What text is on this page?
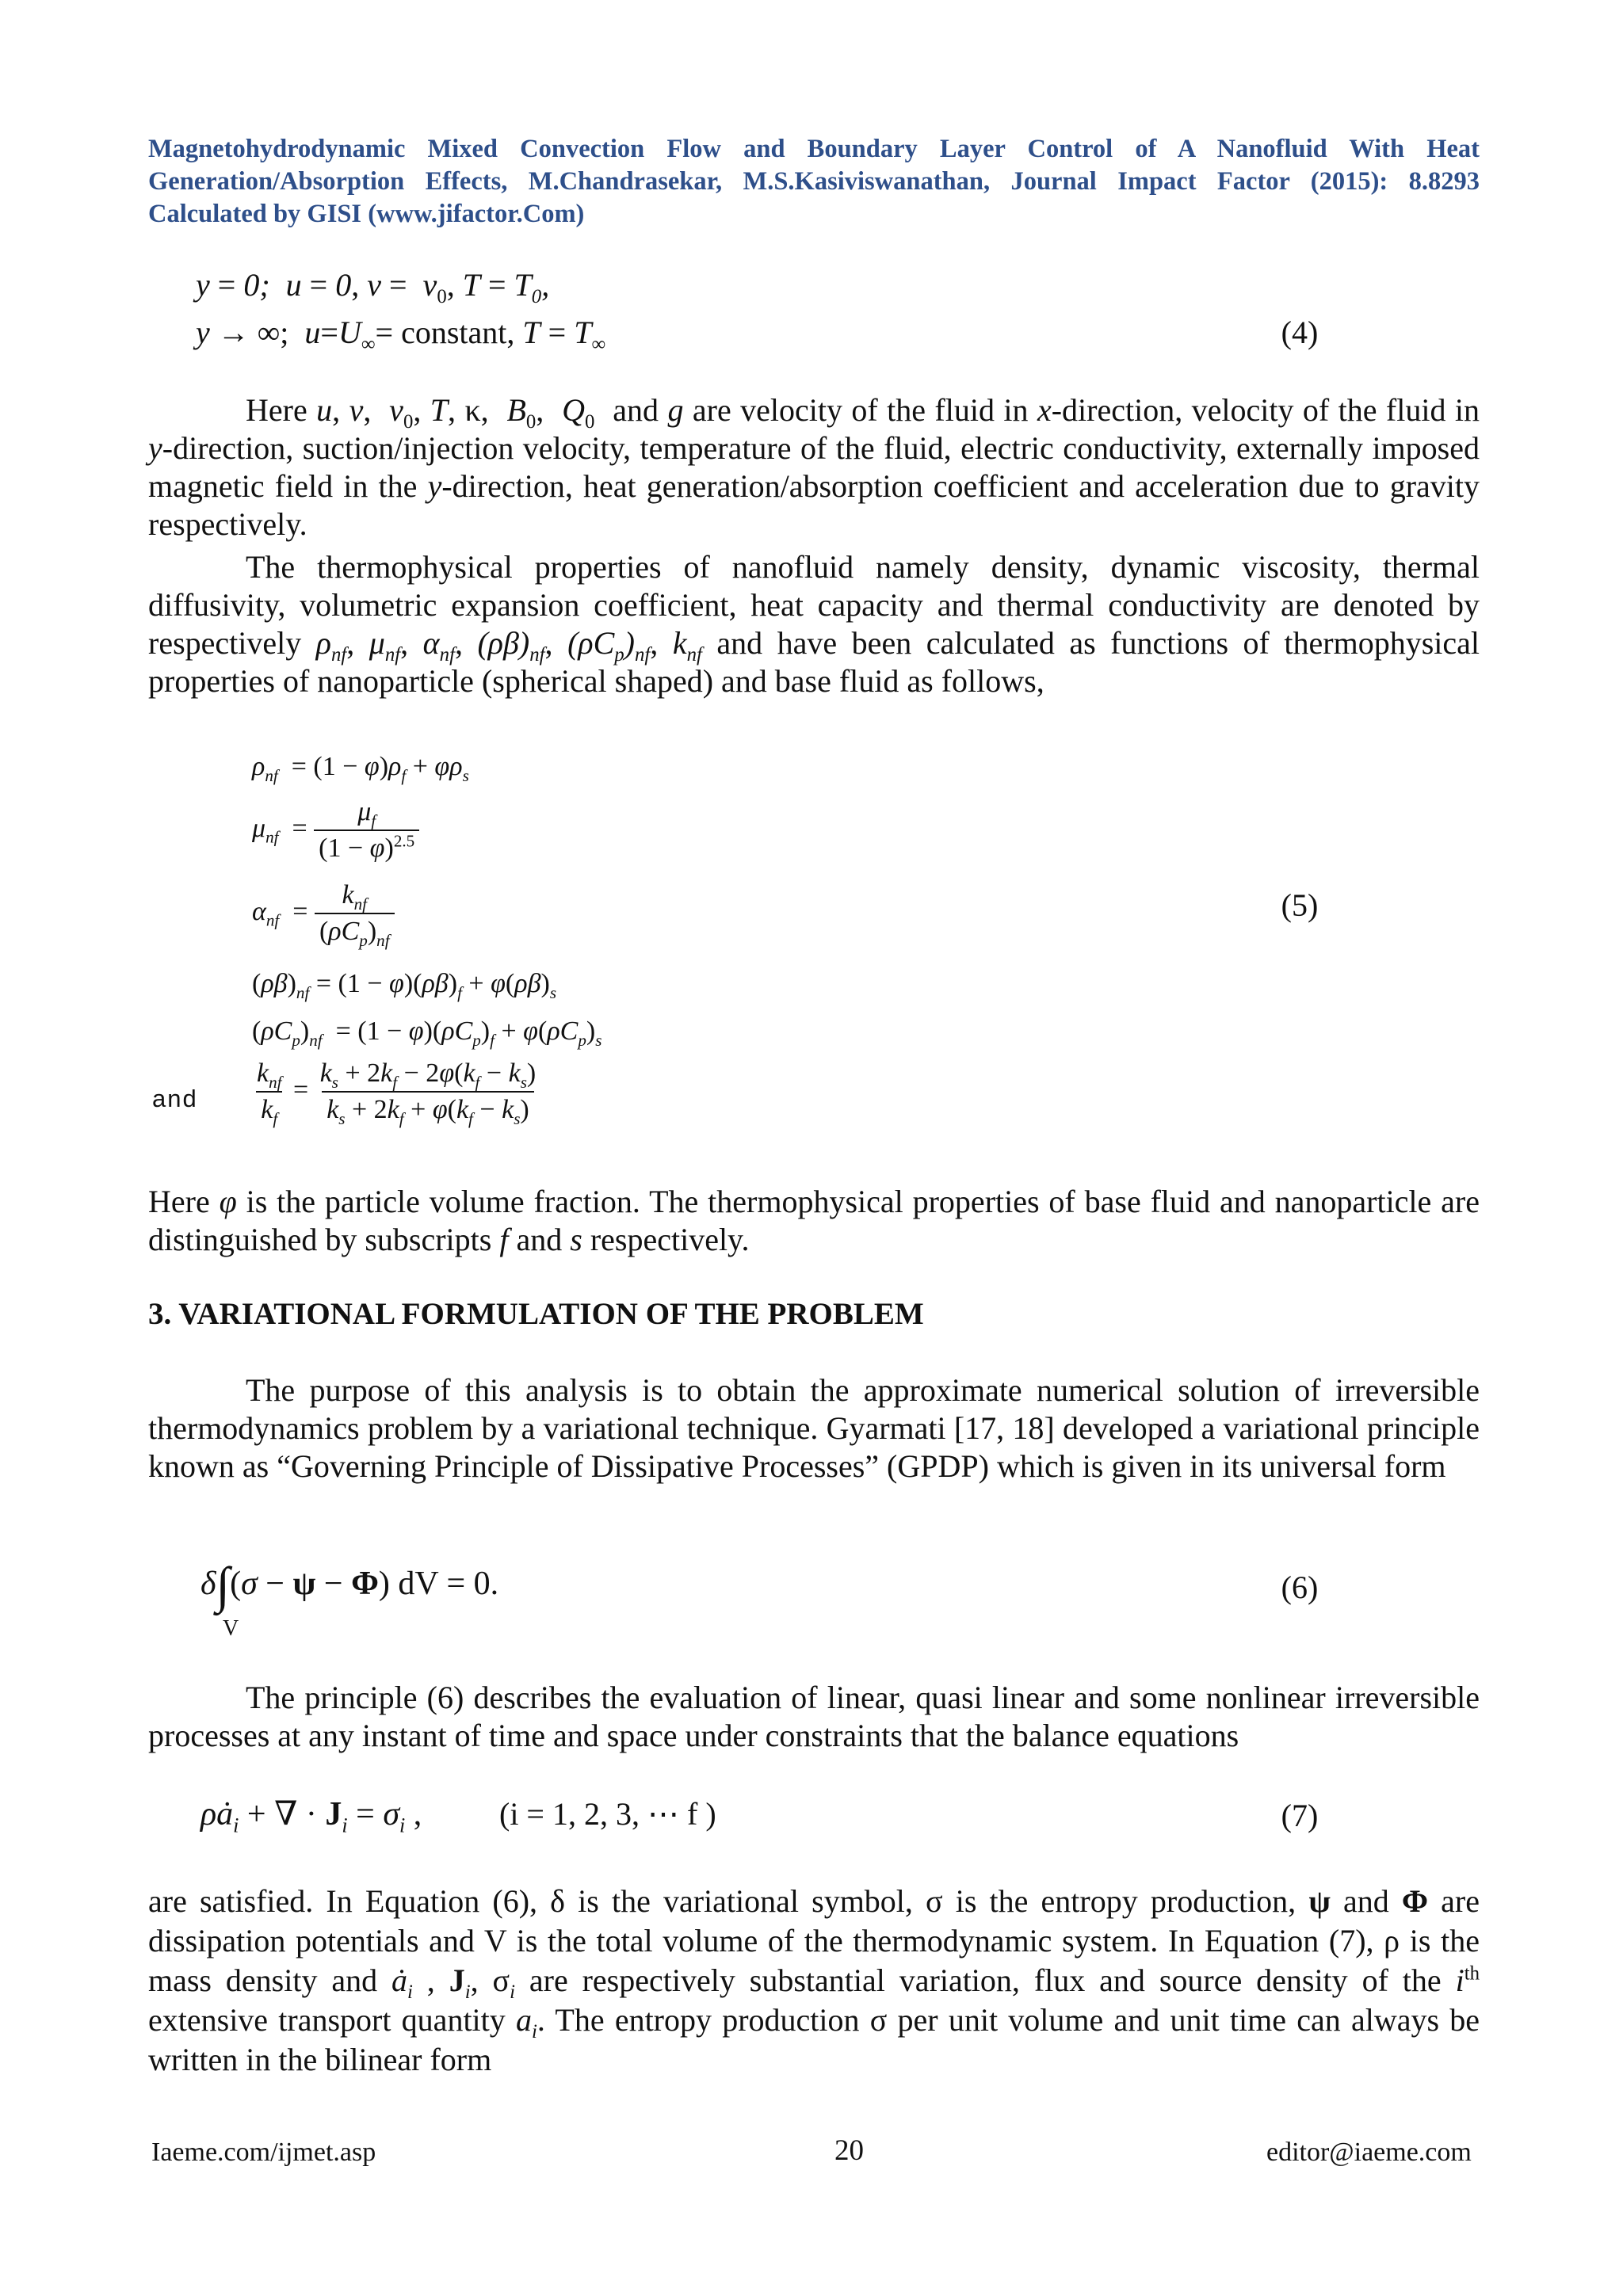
Magnetohydrodynamic Mixed Convection Flow and Boundary Layer Control of A Nanofluid With Heat Generation/Absorption Effects, M.Chandrasekar, M.S.Kasiviswanathan, Journal Impact Factor (2015): 8.8293 Calculated by GISI (www.jifactor.Com)
y = 0; u = 0, $v = v_0$, $T = T_0$,
y → ∞;  $u=U_\infty=$ constant, $T = T_\infty$	(4)
Here u, v,  $v_0$, T, κ,  $B_0$,  $Q_0$  and g are velocity of the fluid in x-direction, velocity of the fluid in y-direction, suction/injection velocity, temperature of the fluid, electric conductivity, externally imposed magnetic field in the y-direction, heat generation/absorption coefficient and acceleration due to gravity respectively.
The thermophysical properties of nanofluid namely density, dynamic viscosity, thermal diffusivity, volumetric expansion coefficient, heat capacity and thermal conductivity are denoted by respectively $\rho_{nf}$, $\mu_{nf}$, $\alpha_{nf}$, $(\rho\beta)_{nf}$, $(\rho C_p)_{nf}$, $k_{nf}$ and have been calculated as functions of thermophysical properties of nanoparticle (spherical shaped) and base fluid as follows,
$\rho_{nf} = (1 - \varphi)\rho_f + \varphi\rho_s$
$\mu_{nf} = \frac{\mu_f}{(1 - \varphi)^{2.5}}$
$\alpha_{nf} = \frac{k_{nf}}{(\rho C_p)_{nf}}$	(5)
$(\rho\beta)_{nf} = (1 - \varphi)(\rho\beta)_f + \varphi(\rho\beta)_s$
$(\rho C_p)_{nf} = (1 - \varphi)(\rho C_p)_f + \varphi(\rho C_p)_s$
and $\frac{k_{nf}}{k_f} = \frac{k_s + 2k_f - 2\varphi(k_f - k_s)}{k_s + 2k_f + \varphi(k_f - k_s)}$
Here φ is the particle volume fraction. The thermophysical properties of base fluid and nanoparticle are distinguished by subscripts f and s respectively.
3. VARIATIONAL FORMULATION OF THE PROBLEM
The purpose of this analysis is to obtain the approximate numerical solution of irreversible thermodynamics problem by a variational technique. Gyarmati [17, 18] developed a variational principle known as “Governing Principle of Dissipative Processes” (GPDP) which is given in its universal form
δ∫(σ − ψ − Φ) dV = 0.
V
(6)
The principle (6) describes the evaluation of linear, quasi linear and some nonlinear irreversible processes at any instant of time and space under constraints that the balance equations
$\rho ȧ_i$ + ∇ · $J_i = \sigma_i$ , (i = 1, 2, 3, ⋯ f )	(7)
are satisfied. In Equation (6), δ is the variational symbol, σ is the entropy production, ψ and Φ are dissipation potentials and V is the total volume of the thermodynamic system. In Equation (7), ρ is the mass density and $ȧ_i$ , $J_i$, $\sigma_i$ are respectively substantial variation, flux and source density of the $i^{th}$ extensive transport quantity $a_i$. The entropy production σ per unit volume and unit time can always be written in the bilinear form
Iaeme.com/ijmet.asp	20	editor@iaeme.com
